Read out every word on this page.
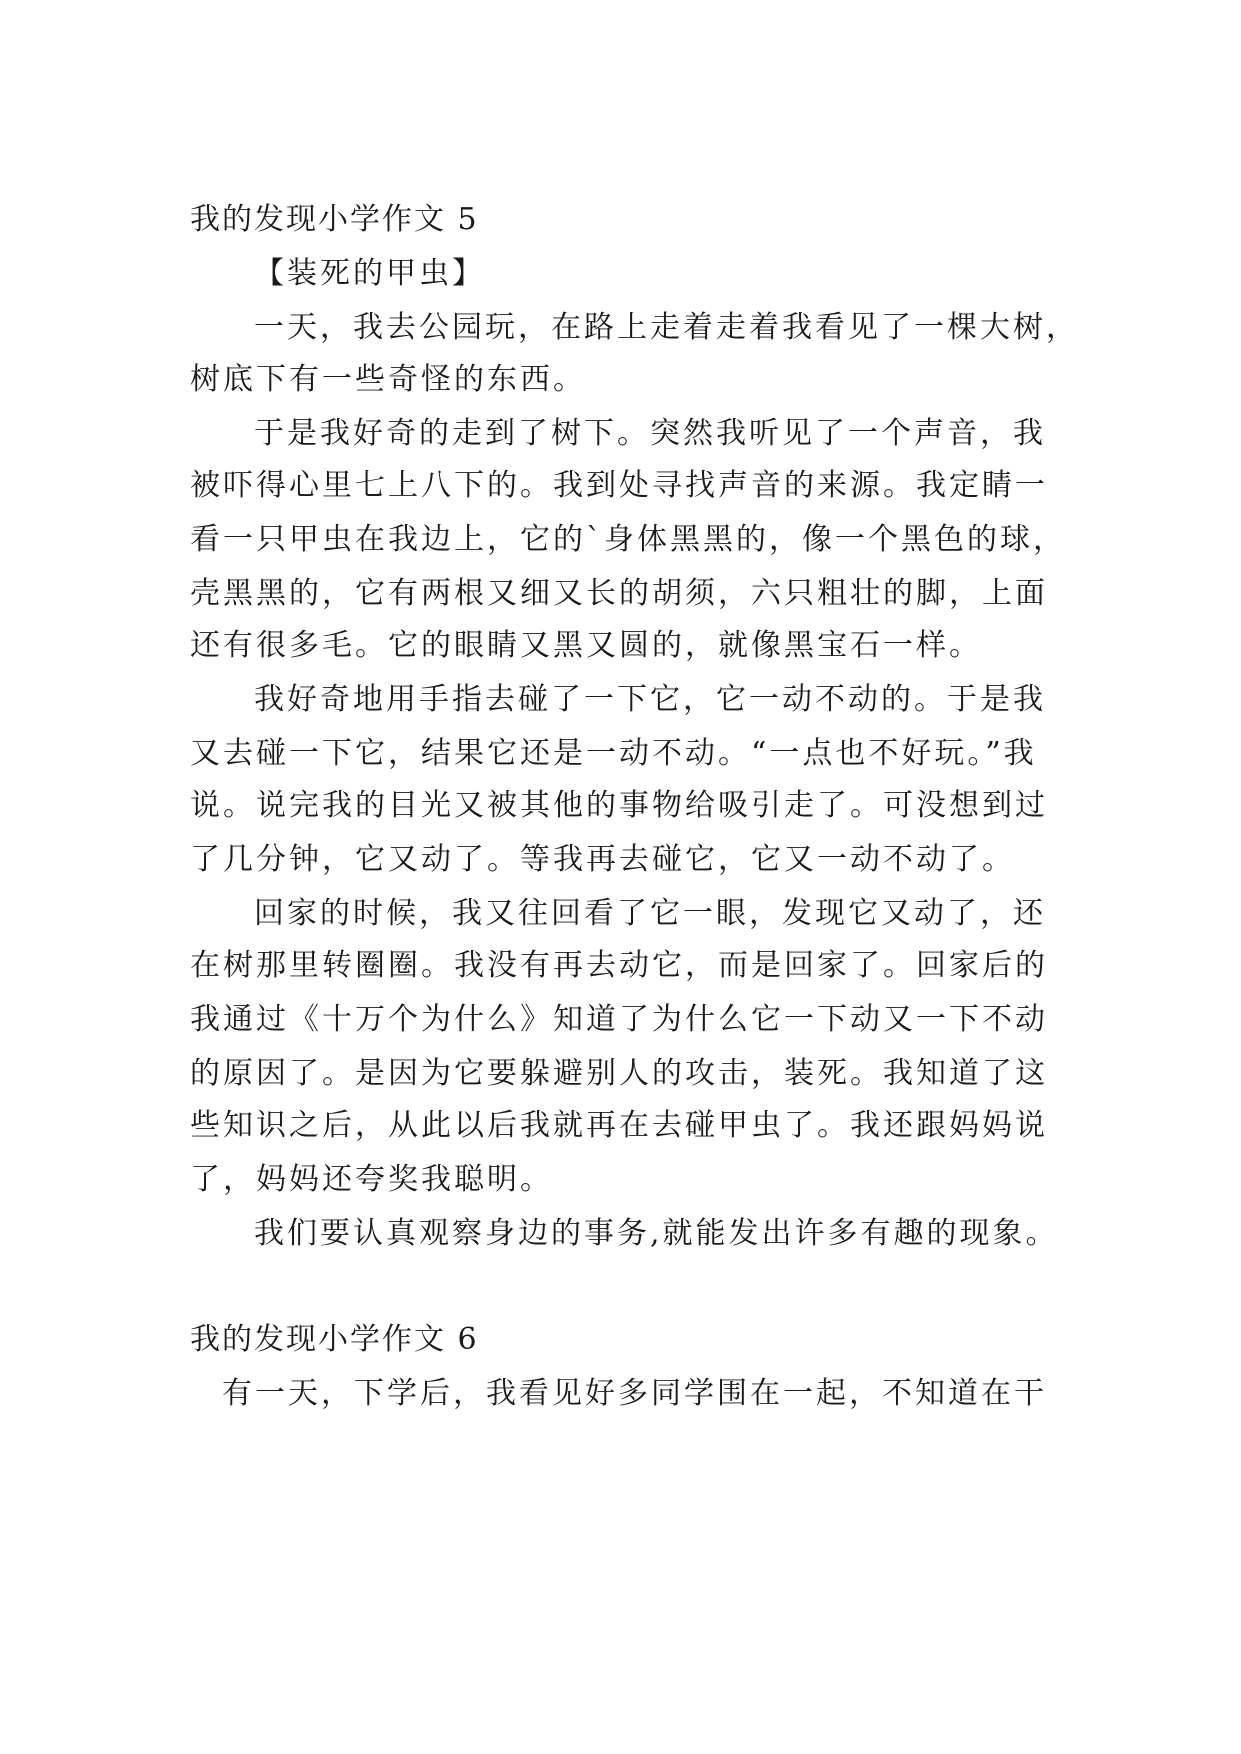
我的发现小学作文 5
【装死的甲虫】
一天，我去公园玩，在路上走着走着我看见了一棵大树，
树底下有一些奇怪的东西。
于是我好奇的走到了树下。突然我听见了一个声音，我
被吓得心里七上八下的。我到处寻找声音的来源。我定睛一
看一只甲虫在我边上，它的`身体黑黑的，像一个黑色的球，
壳黑黑的，它有两根又细又长的胡须，六只粗壮的脚，上面
还有很多毛。它的眼睛又黑又圆的，就像黑宝石一样。
我好奇地用手指去碰了一下它，它一动不动的。于是我
又去碰一下它，结果它还是一动不动。“一点也不好玩。”我
说。说完我的目光又被其他的事物给吸引走了。可没想到过
了几分钟，它又动了。等我再去碰它，它又一动不动了。
回家的时候，我又往回看了它一眼，发现它又动了，还
在树那里转圈圈。我没有再去动它，而是回家了。回家后的
我通过《十万个为什么》知道了为什么它一下动又一下不动
的原因了。是因为它要躲避别人的攻击，装死。我知道了这
些知识之后，从此以后我就再在去碰甲虫了。我还跟妈妈说
了，妈妈还夸奖我聪明。
我们要认真观察身边的事务,就能发出许多有趣的现象。
我的发现小学作文 6
有一天，下学后，我看见好多同学围在一起，不知道在干
